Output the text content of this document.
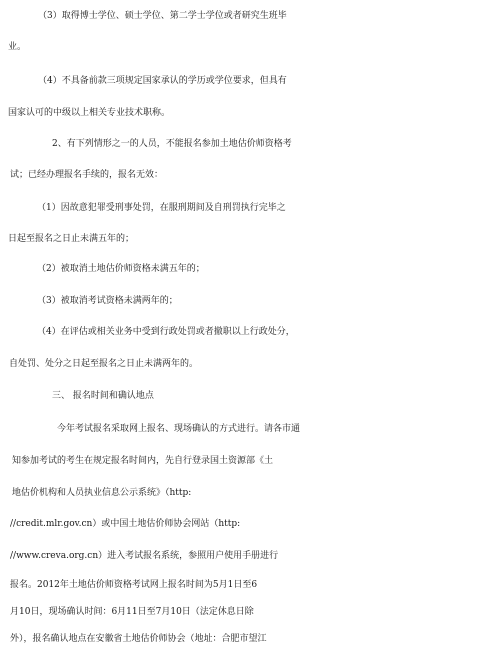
（3）取得博士学位、硕士学位、第二学士学位或者研究生班毕
业。
（4）不具备前款三项规定国家承认的学历或学位要求，但具有
国家认可的中级以上相关专业技术职称。
2、有下列情形之一的人员，不能报名参加土地估价师资格考
试；已经办理报名手续的，报名无效：
（1）因故意犯罪受刑事处罚，在服刑期间及自刑罚执行完毕之
日起至报名之日止未满五年的；
（2）被取消土地估价师资格未满五年的；
（3）被取消考试资格未满两年的；
（4）在评估或相关业务中受到行政处罚或者撤职以上行政处分，
自处罚、处分之日起至报名之日止未满两年的。
三、 报名时间和确认地点
今年考试报名采取网上报名、现场确认的方式进行。请各市通
知参加考试的考生在规定报名时间内，先自行登录国土资源部《土
地估价机构和人员执业信息公示系统》（http:
//credit.mlr.gov.cn）或中国土地估价师协会网站（http:
//www.creva.org.cn）进入考试报名系统，参照用户使用手册进行
报名。2012年土地估价师资格考试网上报名时间为5月1日至6
月10日，现场确认时间：6月11日至7月10日（法定休息日除
外），报名确认地点在安徽省土地估价师协会（地址：合肥市望江
